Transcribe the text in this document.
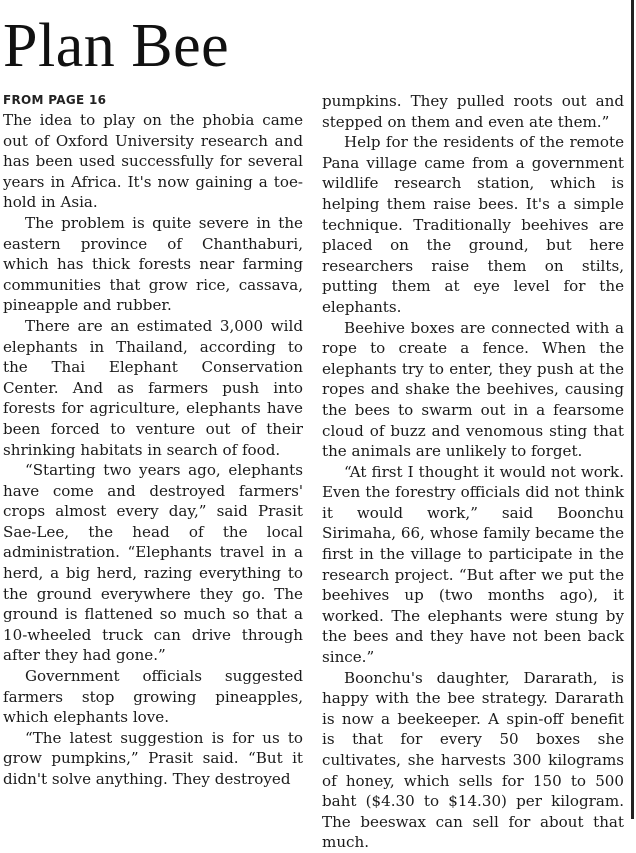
Plan Bee
FROM PAGE 16

The idea to play on the phobia came out of Oxford University research and has been used successfully for several years in Africa. It's now gaining a toe-hold in Asia.

The problem is quite severe in the eastern province of Chanthaburi, which has thick forests near farming communities that grow rice, cassava, pineapple and rubber.

There are an estimated 3,000 wild elephants in Thailand, according to the Thai Elephant Conservation Center. And as farmers push into forests for agriculture, elephants have been forced to venture out of their shrinking habitats in search of food.

“Starting two years ago, elephants have come and destroyed farmers' crops almost every day,” said Prasit Sae-Lee, the head of the local administration. “Elephants travel in a herd, a big herd, razing everything to the ground everywhere they go. The ground is flattened so much so that a 10-wheeled truck can drive through after they had gone.”

Government officials suggested farmers stop growing pineapples, which elephants love.

“The latest suggestion is for us to grow pumpkins,” Prasit said. “But it didn't solve anything. They destroyed

pumpkins. They pulled roots out and stepped on them and even ate them.”

Help for the residents of the remote Pana village came from a government wildlife research station, which is helping them raise bees. It's a simple technique. Traditionally beehives are placed on the ground, but here researchers raise them on stilts, putting them at eye level for the elephants.

Beehive boxes are connected with a rope to create a fence. When the elephants try to enter, they push at the ropes and shake the beehives, causing the bees to swarm out in a fearsome cloud of buzz and venomous sting that the animals are unlikely to forget.

“At first I thought it would not work. Even the forestry officials did not think it would work,” said Boonchu Sirimaha, 66, whose family became the first in the village to participate in the research project. “But after we put the beehives up (two months ago), it worked. The elephants were stung by the bees and they have not been back since.”

Boonchu's daughter, Dararath, is happy with the bee strategy. Dararath is now a beekeeper. A spin-off benefit is that for every 50 boxes she cultivates, she harvests 300 kilograms of honey, which sells for 150 to 500 baht ($4.30 to $14.30) per kilogram. The beeswax can sell for about that much.
